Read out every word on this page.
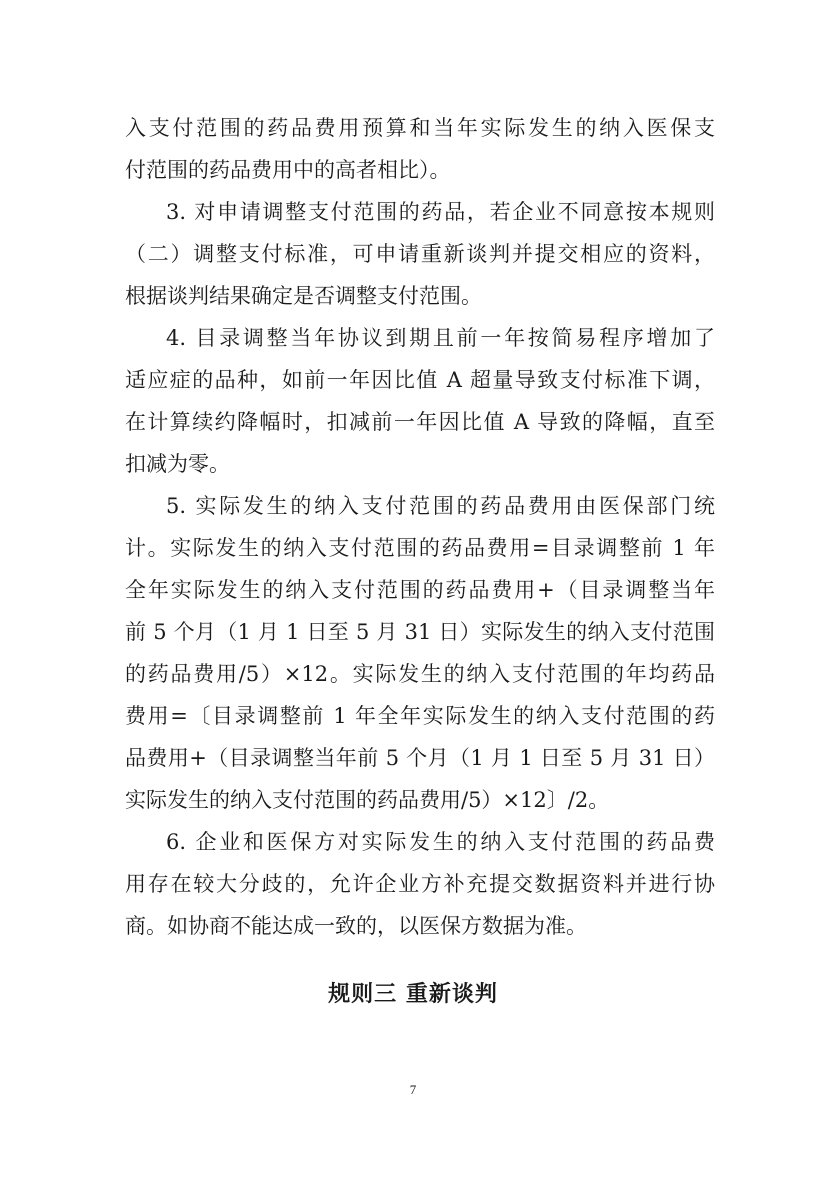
入支付范围的药品费用预算和当年实际发生的纳入医保支
付范围的药品费用中的高者相比）。
3. 对申请调整支付范围的药品，若企业不同意按本规则
（二）调整支付标准，可申请重新谈判并提交相应的资料，
根据谈判结果确定是否调整支付范围。
4. 目录调整当年协议到期且前一年按简易程序增加了
适应症的品种，如前一年因比值 A 超量导致支付标准下调，
在计算续约降幅时，扣减前一年因比值 A 导致的降幅，直至
扣减为零。
5. 实际发生的纳入支付范围的药品费用由医保部门统
计。实际发生的纳入支付范围的药品费用=目录调整前 1 年
全年实际发生的纳入支付范围的药品费用+（目录调整当年
前 5 个月（1 月 1 日至 5 月 31 日）实际发生的纳入支付范围
的药品费用/5）×12。实际发生的纳入支付范围的年均药品
费用=〔目录调整前 1 年全年实际发生的纳入支付范围的药
品费用+（目录调整当年前 5 个月（1 月 1 日至 5 月 31 日）
实际发生的纳入支付范围的药品费用/5）×12〕/2。
6. 企业和医保方对实际发生的纳入支付范围的药品费
用存在较大分歧的，允许企业方补充提交数据资料并进行协
商。如协商不能达成一致的，以医保方数据为准。
规则三 重新谈判
7
